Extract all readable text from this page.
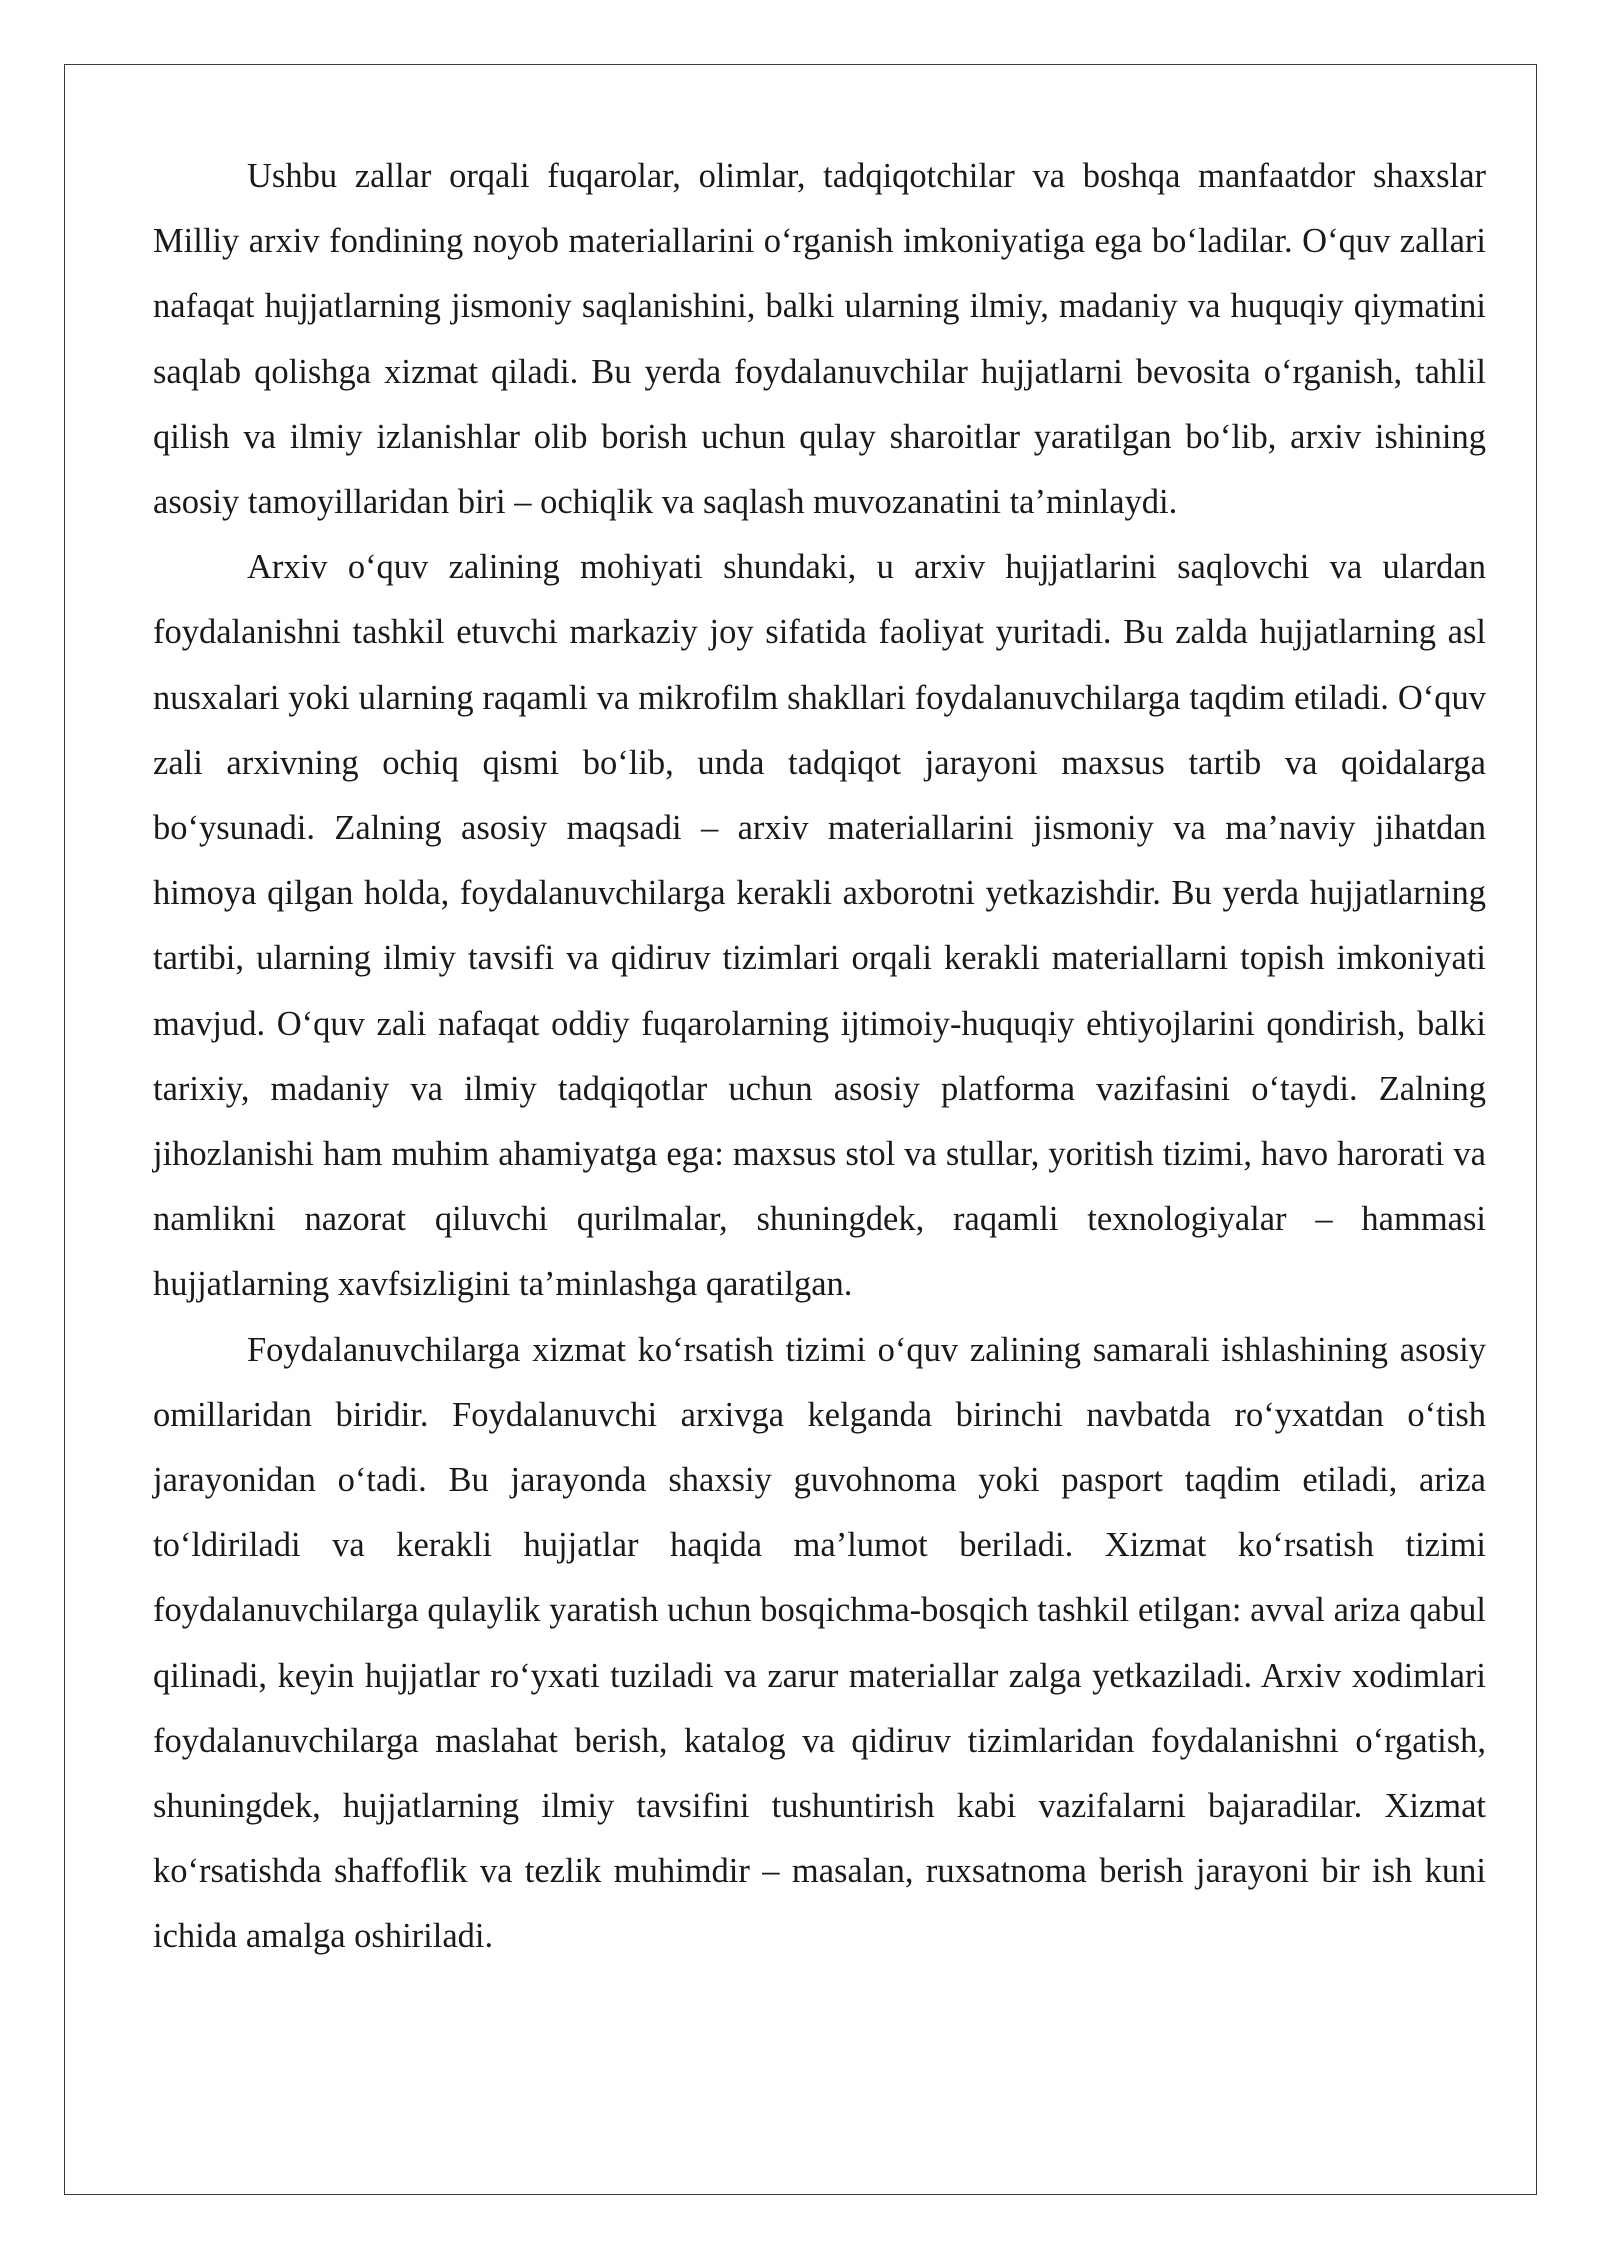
Ushbu zallar orqali fuqarolar, olimlar, tadqiqotchilar va boshqa manfaatdor shaxslar Milliy arxiv fondining noyob materiallarini o‘rganish imkoniyatiga ega bo‘ladilar. O‘quv zallari nafaqat hujjatlarning jismoniy saqlanishini, balki ularning ilmiy, madaniy va huquqiy qiymatini saqlab qolishga xizmat qiladi. Bu yerda foydalanuvchilar hujjatlarni bevosita o‘rganish, tahlil qilish va ilmiy izlanishlar olib borish uchun qulay sharoitlar yaratilgan bo‘lib, arxiv ishining asosiy tamoyillaridan biri – ochiqlik va saqlash muvozanatini ta’minlaydi.

Arxiv o‘quv zalining mohiyati shundaki, u arxiv hujjatlarini saqlovchi va ulardan foydalanishni tashkil etuvchi markaziy joy sifatida faoliyat yuritadi. Bu zalda hujjatlarning asl nusxalari yoki ularning raqamli va mikrofilm shakllari foydalanuvchilarga taqdim etiladi. O‘quv zali arxivning ochiq qismi bo‘lib, unda tadqiqot jarayoni maxsus tartib va qoidalarga bo‘ysunadi. Zalning asosiy maqsadi – arxiv materiallarini jismoniy va ma’naviy jihatdan himoya qilgan holda, foydalanuvchilarga kerakli axborotni yetkazishdir. Bu yerda hujjatlarning tartibi, ularning ilmiy tavsifi va qidiruv tizimlari orqali kerakli materiallarni topish imkoniyati mavjud. O‘quv zali nafaqat oddiy fuqarolarning ijtimoiy-huquqiy ehtiyojlarini qondirish, balki tarixiy, madaniy va ilmiy tadqiqotlar uchun asosiy platforma vazifasini o‘taydi. Zalning jihozlanishi ham muhim ahamiyatga ega: maxsus stol va stullar, yoritish tizimi, havo harorati va namlikni nazorat qiluvchi qurilmalar, shuningdek, raqamli texnologiyalar – hammasi hujjatlarning xavfsizligini ta’minlashga qaratilgan.

Foydalanuvchilarga xizmat ko‘rsatish tizimi o‘quv zalining samarali ishlashining asosiy omillaridan biridir. Foydalanuvchi arxivga kelganda birinchi navbatda ro‘yxatdan o‘tish jarayonidan o‘tadi. Bu jarayonda shaxsiy guvohnoma yoki pasport taqdim etiladi, ariza to‘ldiriladi va kerakli hujjatlar haqida ma’lumot beriladi. Xizmat ko‘rsatish tizimi foydalanuvchilarga qulaylik yaratish uchun bosqichma-bosqich tashkil etilgan: avval ariza qabul qilinadi, keyin hujjatlar ro‘yxati tuziladi va zarur materiallar zalga yetkaziladi. Arxiv xodimlari foydalanuvchilarga maslahat berish, katalog va qidiruv tizimlaridan foydalanishni o‘rgatish, shuningdek, hujjatlarning ilmiy tavsifini tushuntirish kabi vazifalarni bajaradilar. Xizmat ko‘rsatishda shaffoflik va tezlik muhimdir – masalan, ruxsatnoma berish jarayoni bir ish kuni ichida amalga oshiriladi.
